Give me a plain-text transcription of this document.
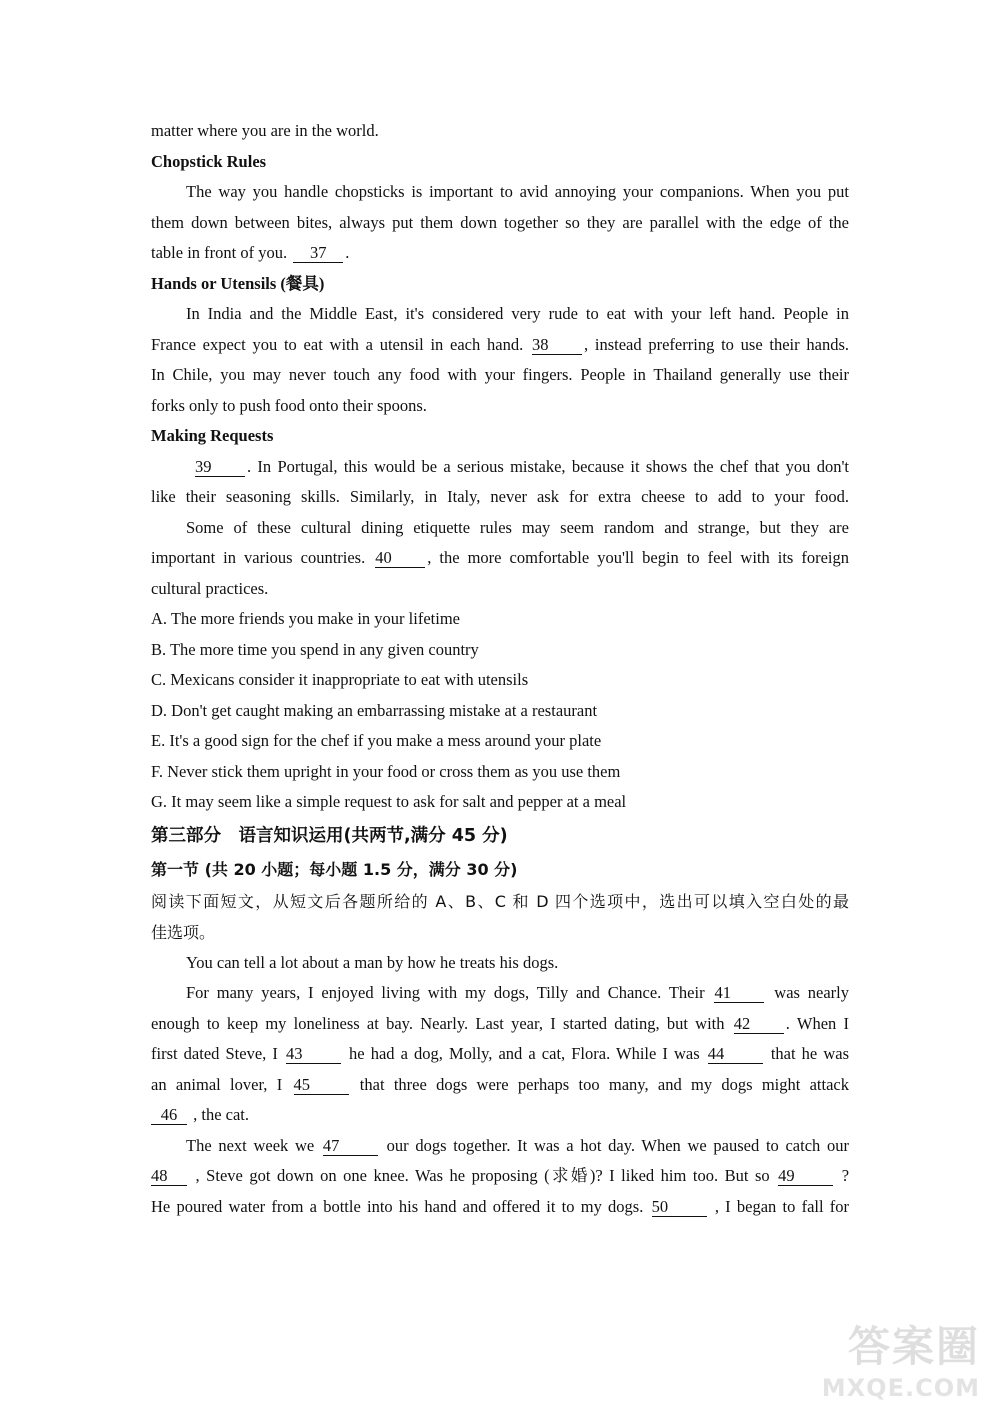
matter where you are in the world.
Chopstick Rules
The way you handle chopsticks is important to avid annoying your companions. When you put
them down between bites, always put them down together so they are parallel with the edge of the
table in front of you. 37 .
Hands or Utensils (餐具)
In India and the Middle East, it's considered very rude to eat with your left hand. People in
France expect you to eat with a utensil in each hand. 38 , instead preferring to use their hands.
In Chile, you may never touch any food with your fingers. People in Thailand generally use their
forks only to push food onto their spoons.
Making Requests
39 . In Portugal, this would be a serious mistake, because it shows the chef that you don't
like their seasoning skills. Similarly, in Italy, never ask for extra cheese to add to your food.
Some of these cultural dining etiquette rules may seem random and strange, but they are
important in various countries. 40 , the more comfortable you'll begin to feel with its foreign
cultural practices.
A. The more friends you make in your lifetime
B. The more time you spend in any given country
C. Mexicans consider it inappropriate to eat with utensils
D. Don't get caught making an embarrassing mistake at a restaurant
E. It's a good sign for the chef if you make a mess around your plate
F. Never stick them upright in your food or cross them as you use them
G. It may seem like a simple request to ask for salt and pepper at a meal
第三部分　语言知识运用(共两节,满分 45 分)
第一节 (共 20 小题；每小题 1.5 分，满分 30 分)
阅读下面短文，从短文后各题所给的 A、B、C 和 D 四个选项中，选出可以填入空白处的最
佳选项。
You can tell a lot about a man by how he treats his dogs.
For many years, I enjoyed living with my dogs, Tilly and Chance. Their 41	was nearly
enough to keep my loneliness at bay. Nearly. Last year, I started dating, but with 42 . When I
first dated Steve, I 43	he had a dog, Molly, and a cat, Flora. While I was 44	that he was
an animal lover, I 45	that three dogs were perhaps too many, and my dogs might attack
46 , the cat.
The next week we 47	our dogs together. It was a hot day. When we paused to catch our
48 , Steve got down on one knee. Was he proposing (求婚)? I liked him too. But so 49	?
He poured water from a bottle into his hand and offered it to my dogs. 50	, I began to fall for
答案圈
MXQE.COM
